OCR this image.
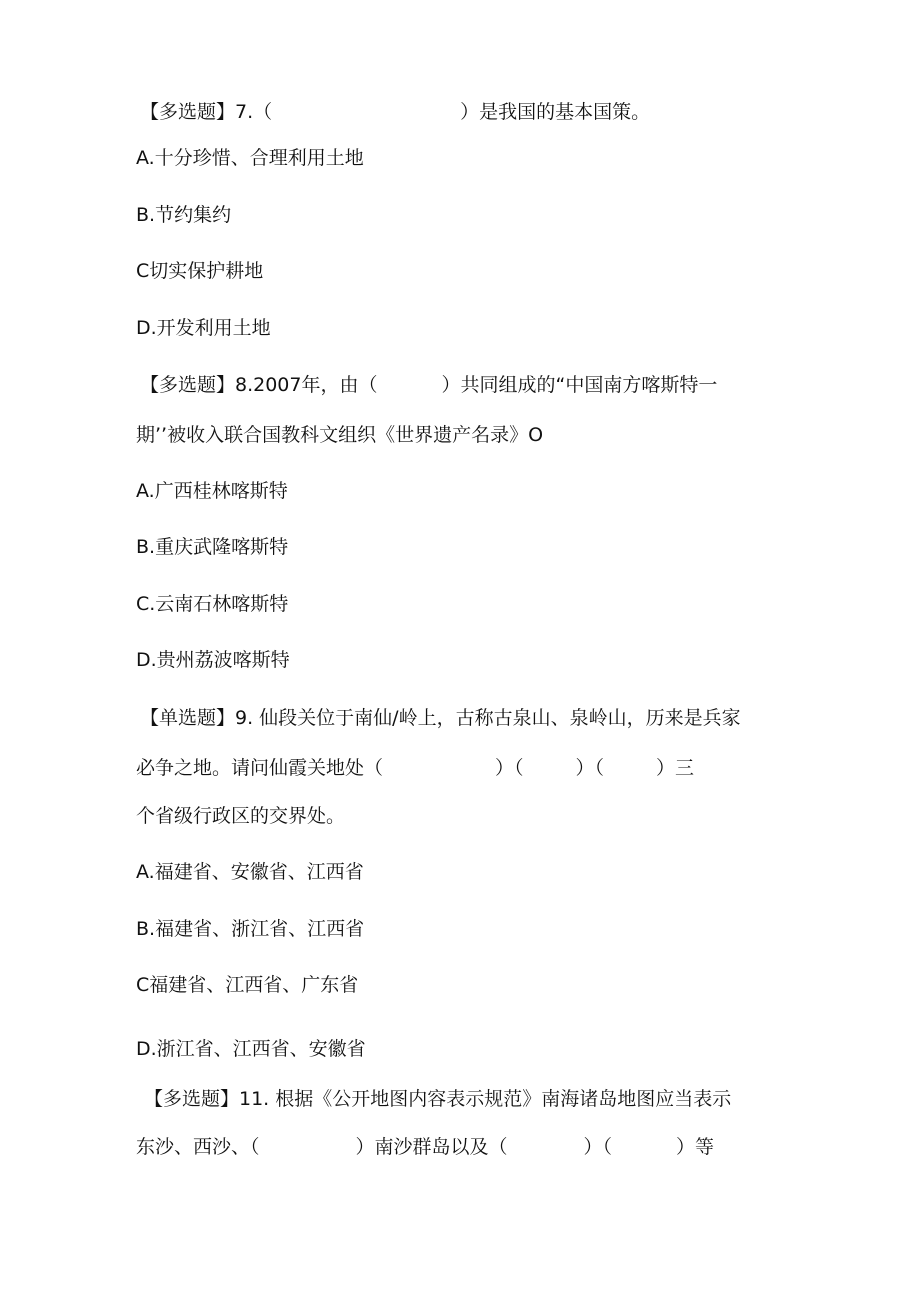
【多选题】7.（	）是我国的基本国策。
A.十分珍惜、合理利用土地
B.节约集约
C切实保护耕地
D.开发利用土地
【多选题】8.2007年，由（	）共同组成的“中国南方喀斯特一
期’’被收入联合国教科文组织《世界遗产名录》O
A.广西桂林喀斯特
B.重庆武隆喀斯特
C.云南石林喀斯特
D.贵州荔波喀斯特
【单选题】9. 仙段关位于南仙/岭上，古称古泉山、泉岭山，历来是兵家
必争之地。请问仙霞关地处（	）（	）（	）三
个省级行政区的交界处。
A.福建省、安徽省、江西省
B.福建省、浙江省、江西省
C福建省、江西省、广东省
D.浙江省、江西省、安徽省
【多选题】11. 根据《公开地图内容表示规范》南海诸岛地图应当表示
东沙、西沙、（	）南沙群岛以及（	）（	）等
